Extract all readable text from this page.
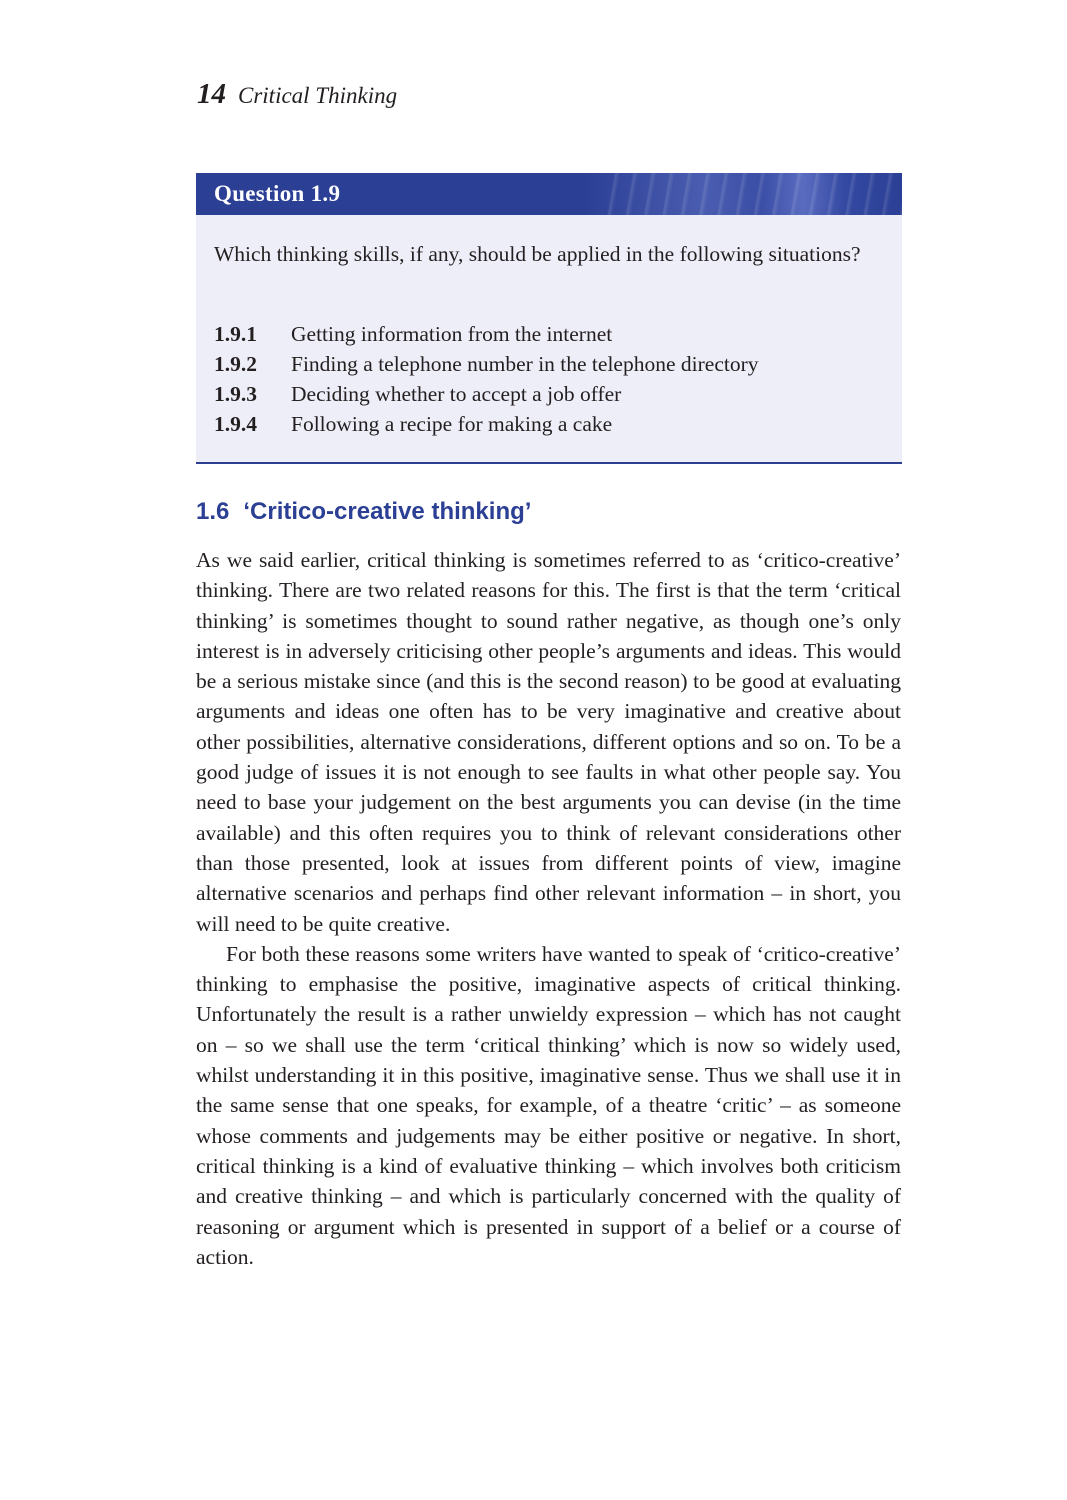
14 Critical Thinking
Question 1.9
Which thinking skills, if any, should be applied in the following situations?
1.9.1	Getting information from the internet
1.9.2	Finding a telephone number in the telephone directory
1.9.3	Deciding whether to accept a job offer
1.9.4	Following a recipe for making a cake
1.6 ‘Critico-creative thinking’

As we said earlier, critical thinking is sometimes referred to as ‘critico-creative’ thinking. There are two related reasons for this. The first is that the term ‘critical thinking’ is sometimes thought to sound rather negative, as though one’s only interest is in adversely criticising other people’s arguments and ideas. This would be a serious mistake since (and this is the second reason) to be good at evaluating arguments and ideas one often has to be very imaginative and creative about other possibilities, alternative considerations, different options and so on. To be a good judge of issues it is not enough to see faults in what other people say. You need to base your judgement on the best arguments you can devise (in the time available) and this often requires you to think of relevant considerations other than those presented, look at issues from different points of view, imagine alternative scenarios and perhaps find other relevant information – in short, you will need to be quite creative.

For both these reasons some writers have wanted to speak of ‘critico-creative’ thinking to emphasise the positive, imaginative aspects of critical thinking. Unfortunately the result is a rather unwieldy expression – which has not caught on – so we shall use the term ‘critical thinking’ which is now so widely used, whilst understanding it in this positive, imaginative sense. Thus we shall use it in the same sense that one speaks, for example, of a theatre ‘critic’ – as someone whose comments and judgements may be either positive or negative. In short, critical thinking is a kind of evaluative thinking – which involves both criticism and creative thinking – and which is particularly concerned with the quality of reasoning or argument which is presented in support of a belief or a course of action.
